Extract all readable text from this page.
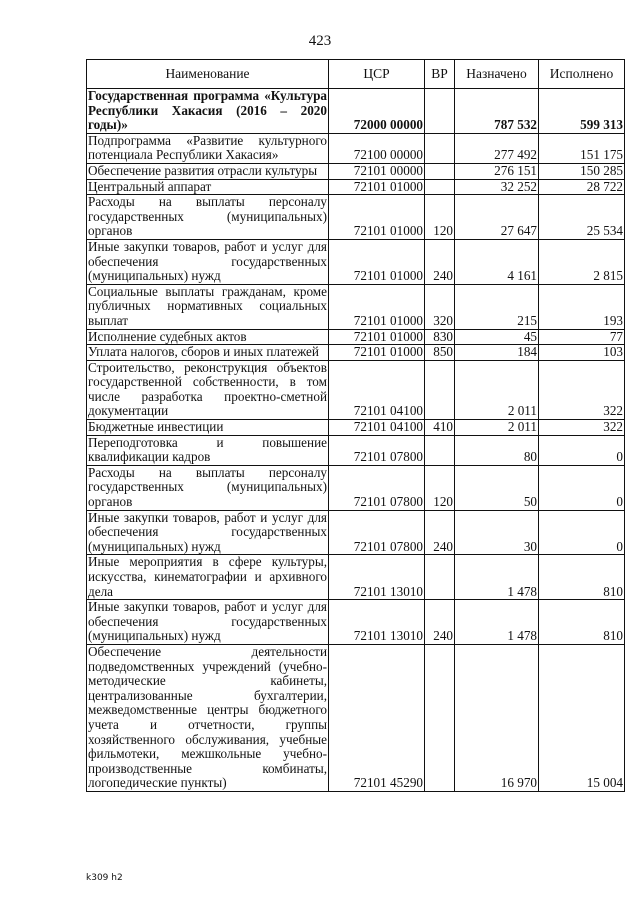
423
Наименование	ЦСР	ВР	Назначено	Исполнено
Государственная программа «Культура Республики Хакасия (2016 – 2020 годы)»	72000 00000		787 532	599 313
Подпрограмма «Развитие культурного потенциала Республики Хакасия»	72100 00000		277 492	151 175
Обеспечение развития отрасли культуры	72101 00000		276 151	150 285
Центральный аппарат	72101 01000		32 252	28 722
Расходы на выплаты персоналу государственных (муниципальных) органов	72101 01000	120	27 647	25 534
Иные закупки товаров, работ и услуг для обеспечения государственных (муниципальных) нужд	72101 01000	240	4 161	2 815
Социальные выплаты гражданам, кроме публичных нормативных социальных выплат	72101 01000	320	215	193
Исполнение судебных актов	72101 01000	830	45	77
Уплата налогов, сборов и иных платежей	72101 01000	850	184	103
Строительство, реконструкция объектов государственной собственности, в том числе разработка проектно-сметной документации	72101 04100		2 011	322
Бюджетные инвестиции	72101 04100	410	2 011	322
Переподготовка и повышение квалификации кадров	72101 07800		80	0
Расходы на выплаты персоналу государственных (муниципальных) органов	72101 07800	120	50	0
Иные закупки товаров, работ и услуг для обеспечения государственных (муниципальных) нужд	72101 07800	240	30	0
Иные мероприятия в сфере культуры, искусства, кинематографии и архивного дела	72101 13010		1 478	810
Иные закупки товаров, работ и услуг для обеспечения государственных (муниципальных) нужд	72101 13010	240	1 478	810
Обеспечение деятельности подведомственных учреждений (учебно-методические кабинеты, централизованные бухгалтерии, межведомственные центры бюджетного учета и отчетности, группы хозяйственного обслуживания, учебные фильмотеки, межшкольные учебно-производственные комбинаты, логопедические пункты)	72101 45290		16 970	15 004
k309 h2
